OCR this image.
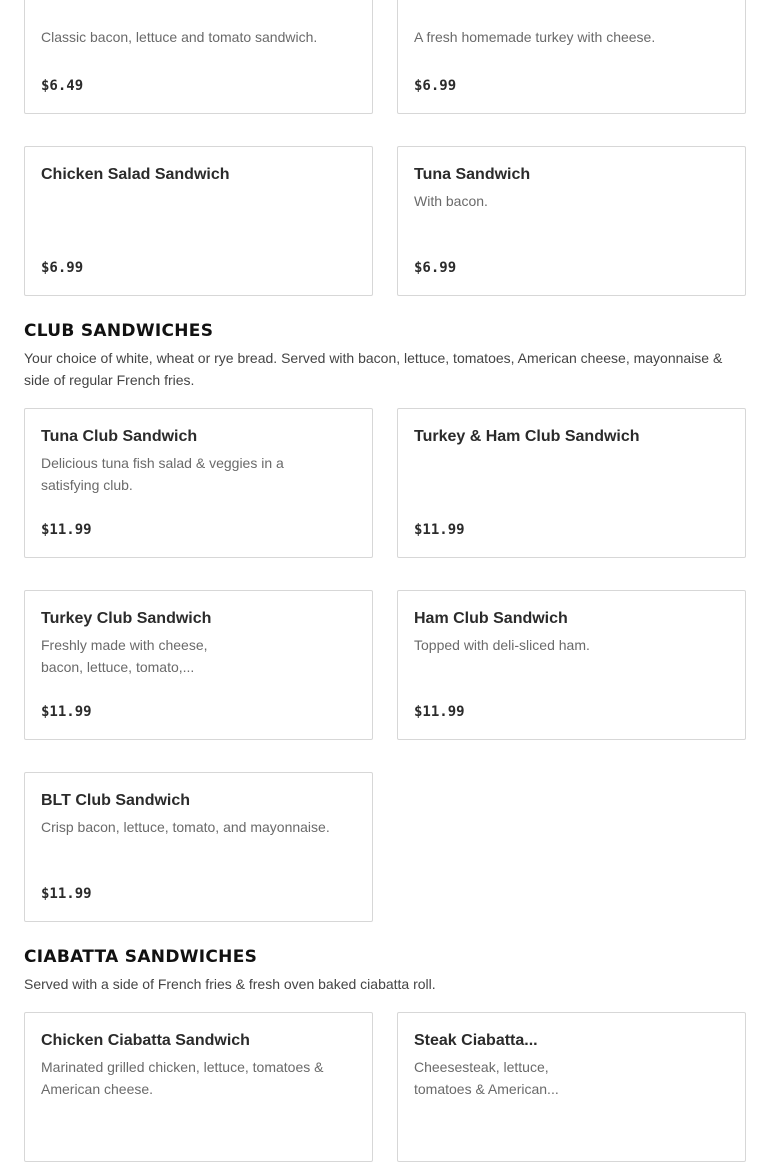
Classic bacon, lettuce and tomato sandwich.

$6.49

A fresh homemade turkey with cheese.

$6.99
Chicken Salad Sandwich

$6.99
Tuna Sandwich

With bacon.

$6.99
CLUB SANDWICHES

Your choice of white, wheat or rye bread. Served with bacon, lettuce, tomatoes, American cheese, mayonnaise & side of regular French fries.

Tuna Club Sandwich

Delicious tuna fish salad & veggies in a satisfying club.

$11.99
Turkey & Ham Club Sandwich

$11.99
Turkey Club Sandwich

Freshly made with cheese, bacon, lettuce, tomato,...

$11.99
Ham Club Sandwich

Topped with deli-sliced ham.

$11.99
BLT Club Sandwich

Crisp bacon, lettuce, tomato, and mayonnaise.

$11.99
CIABATTA SANDWICHES

Served with a side of French fries & fresh oven baked ciabatta roll.

Chicken Ciabatta Sandwich

Marinated grilled chicken, lettuce, tomatoes & American cheese.

Steak Ciabatta...

Cheesesteak, lettuce, tomatoes & American...
